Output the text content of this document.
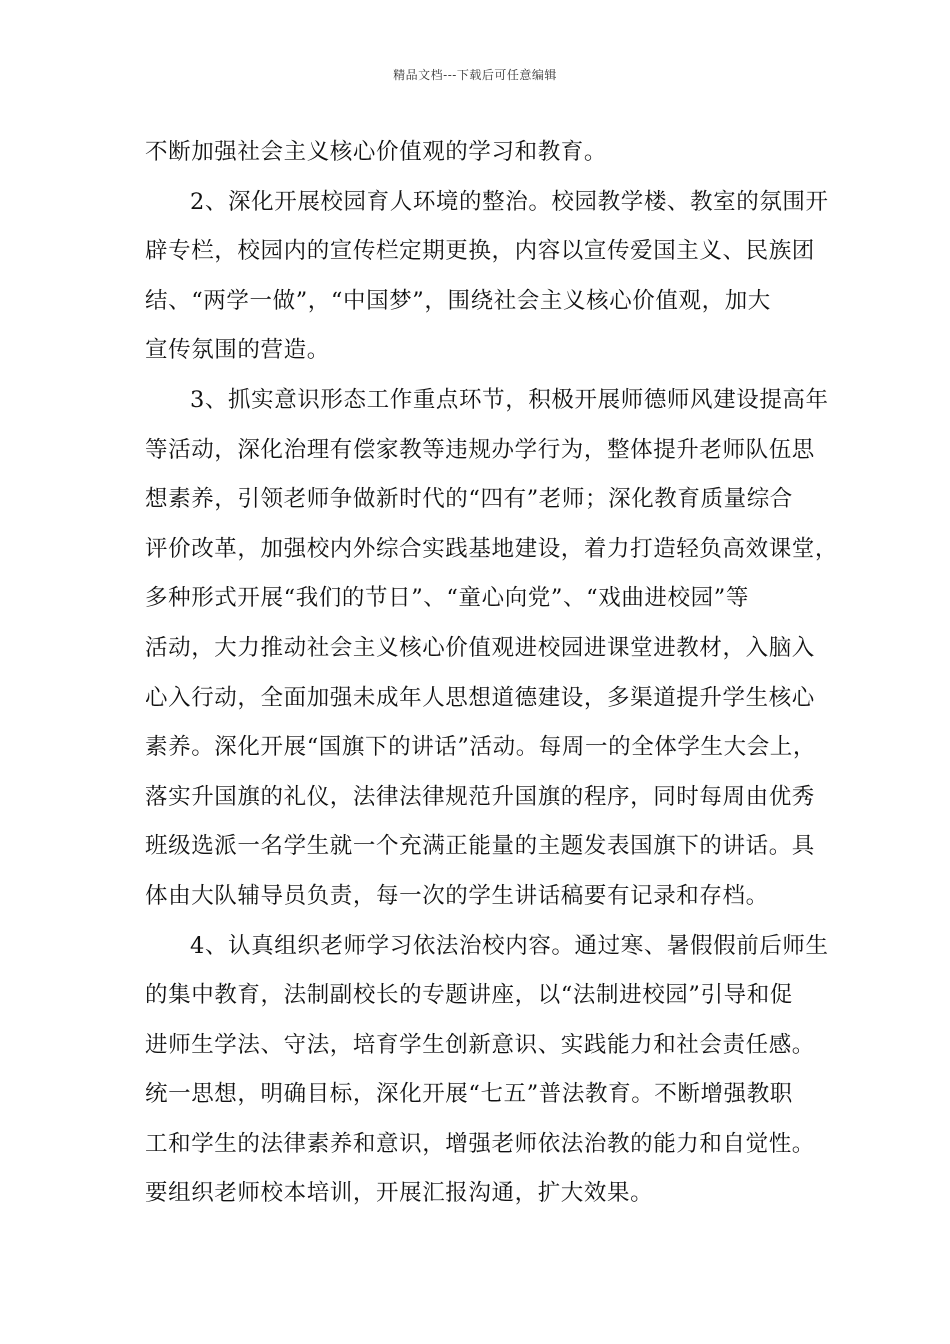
精品文档---下载后可任意编辑
不断加强社会主义核心价值观的学习和教育。
2、深化开展校园育人环境的整治。校园教学楼、教室的氛围开
辟专栏，校园内的宣传栏定期更换，内容以宣传爱国主义、民族团
结、“两学一做”，“中国梦”，围绕社会主义核心价值观，加大
宣传氛围的营造。
3、抓实意识形态工作重点环节，积极开展师德师风建设提高年
等活动，深化治理有偿家教等违规办学行为，整体提升老师队伍思
想素养，引领老师争做新时代的“四有”老师；深化教育质量综合
评价改革，加强校内外综合实践基地建设，着力打造轻负高效课堂，
多种形式开展“我们的节日”、“童心向党”、“戏曲进校园”等
活动，大力推动社会主义核心价值观进校园进课堂进教材，入脑入
心入行动，全面加强未成年人思想道德建设，多渠道提升学生核心
素养。深化开展“国旗下的讲话”活动。每周一的全体学生大会上，
落实升国旗的礼仪，法律法律规范升国旗的程序，同时每周由优秀
班级选派一名学生就一个充满正能量的主题发表国旗下的讲话。具
体由大队辅导员负责，每一次的学生讲话稿要有记录和存档。
4、认真组织老师学习依法治校内容。通过寒、暑假假前后师生
的集中教育，法制副校长的专题讲座，以“法制进校园”引导和促
进师生学法、守法，培育学生创新意识、实践能力和社会责任感。
统一思想，明确目标，深化开展“七五”普法教育。不断增强教职
工和学生的法律素养和意识，增强老师依法治教的能力和自觉性。
要组织老师校本培训，开展汇报沟通，扩大效果。
